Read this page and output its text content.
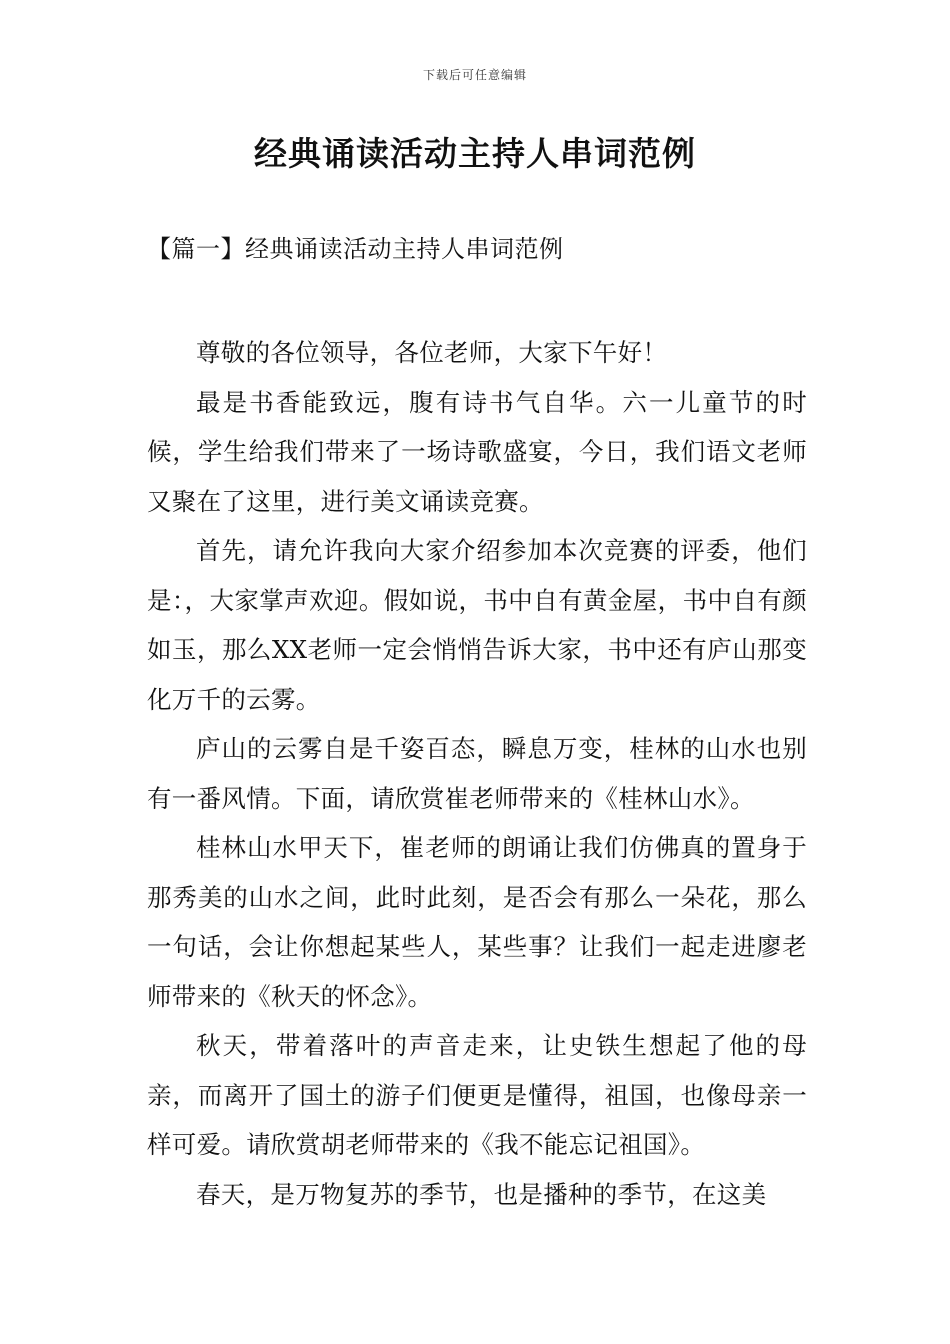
下载后可任意编辑
经典诵读活动主持人串词范例
【篇一】经典诵读活动主持人串词范例

尊敬的各位领导，各位老师，大家下午好！

最是书香能致远，腹有诗书气自华。六一儿童节的时候，学生给我们带来了一场诗歌盛宴，今日，我们语文老师又聚在了这里，进行美文诵读竞赛。

首先，请允许我向大家介绍参加本次竞赛的评委，他们是：，大家掌声欢迎。假如说，书中自有黄金屋，书中自有颜如玉，那么XX老师一定会悄悄告诉大家，书中还有庐山那变化万千的云雾。

庐山的云雾自是千姿百态，瞬息万变，桂林的山水也别有一番风情。下面，请欣赏崔老师带来的《桂林山水》。

桂林山水甲天下，崔老师的朗诵让我们仿佛真的置身于那秀美的山水之间，此时此刻，是否会有那么一朵花，那么一句话，会让你想起某些人，某些事？让我们一起走进廖老师带来的《秋天的怀念》。

秋天，带着落叶的声音走来，让史铁生想起了他的母亲，而离开了国土的游子们便更是懂得，祖国，也像母亲一样可爱。请欣赏胡老师带来的《我不能忘记祖国》。

春天，是万物复苏的季节，也是播种的季节，在这美
